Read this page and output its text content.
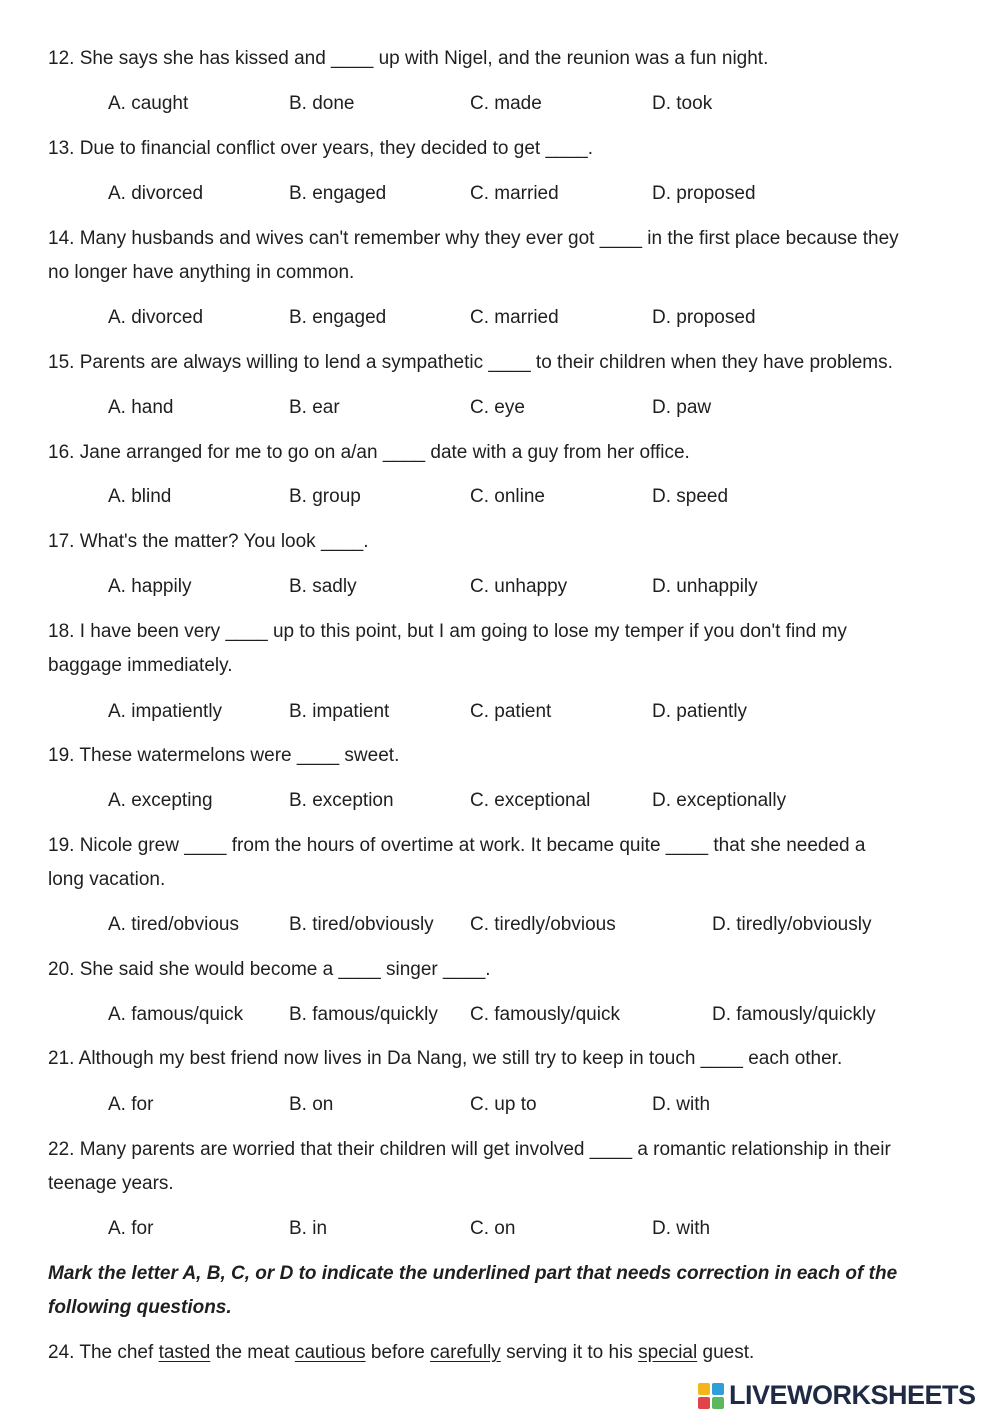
12. She says she has kissed and ____ up with Nigel, and the reunion was a fun night.
A. caught	B. done	C. made	D. took
13. Due to financial conflict over years, they decided to get ____.
A. divorced	B. engaged	C. married	D. proposed
14. Many husbands and wives can't remember why they ever got ____ in the first place because they
no longer have anything in common.
A. divorced	B. engaged	C. married	D. proposed
15. Parents are always willing to lend a sympathetic ____ to their children when they have problems.
A. hand	B. ear	C. eye	D. paw
16. Jane arranged for me to go on a/an ____ date with a guy from her office.
A. blind	B. group	C. online	D. speed
17. What's the matter? You look ____.
A. happily	B. sadly	C. unhappy	D. unhappily
18. I have been very ____ up to this point, but I am going to lose my temper if you don't find my
baggage immediately.
A. impatiently	B. impatient	C. patient	D. patiently
19. These watermelons were ____ sweet.
A. excepting	B. exception	C. exceptional	D. exceptionally
19. Nicole grew ____ from the hours of overtime at work. It became quite ____ that she needed a
long vacation.
A. tired/obvious	B. tired/obviously C. tiredly/obvious	D. tiredly/obviously
20. She said she would become a ____ singer ____.
A. famous/quick B. famous/quickly C. famously/quick	D. famously/quickly
21. Although my best friend now lives in Da Nang, we still try to keep in touch ____ each other.
A. for	B. on	C. up to	D. with
22. Many parents are worried that their children will get involved ____ a romantic relationship in their
teenage years.
A. for	B. in	C. on	D. with
Mark the letter A, B, C, or D to indicate the underlined part that needs correction in each of the
following questions.
24. The chef tasted the meat cautious before carefully serving it to his special guest.
LIVEWORKSHEETS
